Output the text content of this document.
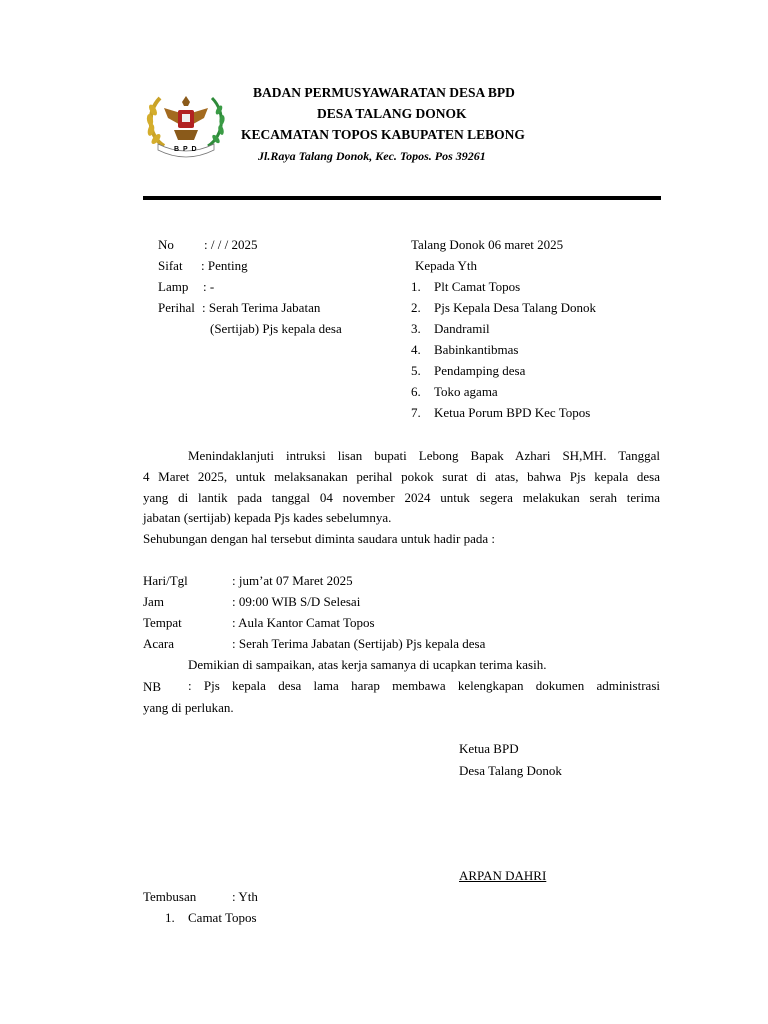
B P D
BADAN PERMUSYAWARATAN DESA BPD
DESA TALANG DONOK
KECAMATAN TOPOS KABUPATEN LEBONG
Jl.Raya Talang Donok, Kec. Topos. Pos 39261
No : / / / 2025
Sifat : Penting
Lamp : -
Perihal : Serah Terima Jabatan
(Sertijab) Pjs kepala desa
Talang Donok 06 maret 2025
Kepada Yth
1. Plt Camat Topos
2. Pjs Kepala Desa Talang Donok
3. Dandramil
4. Babinkantibmas
5. Pendamping desa
6. Toko agama
7. Ketua Porum BPD Kec Topos
Menindaklanjuti intruksi lisan bupati Lebong Bapak Azhari SH,MH. Tanggal
4 Maret 2025, untuk melaksanakan perihal pokok surat di atas, bahwa Pjs kepala desa
yang di lantik pada tanggal 04 november 2024 untuk segera melakukan serah terima
jabatan (sertijab) kepada Pjs kades sebelumnya.
Sehubungan dengan hal tersebut diminta saudara untuk hadir pada :
Hari/Tgl	: jum’at 07 Maret 2025
Jam	: 09:00 WIB S/D Selesai
Tempat	: Aula Kantor Camat Topos
Acara	: Serah Terima Jabatan (Sertijab) Pjs kepala desa
Demikian di sampaikan, atas kerja samanya di ucapkan terima kasih.
NB : Pjs kepala desa lama harap membawa kelengkapan dokumen administrasi
yang di perlukan.
Ketua BPD
Desa Talang Donok
ARPAN DAHRI
Tembusan	: Yth
1. Camat Topos
